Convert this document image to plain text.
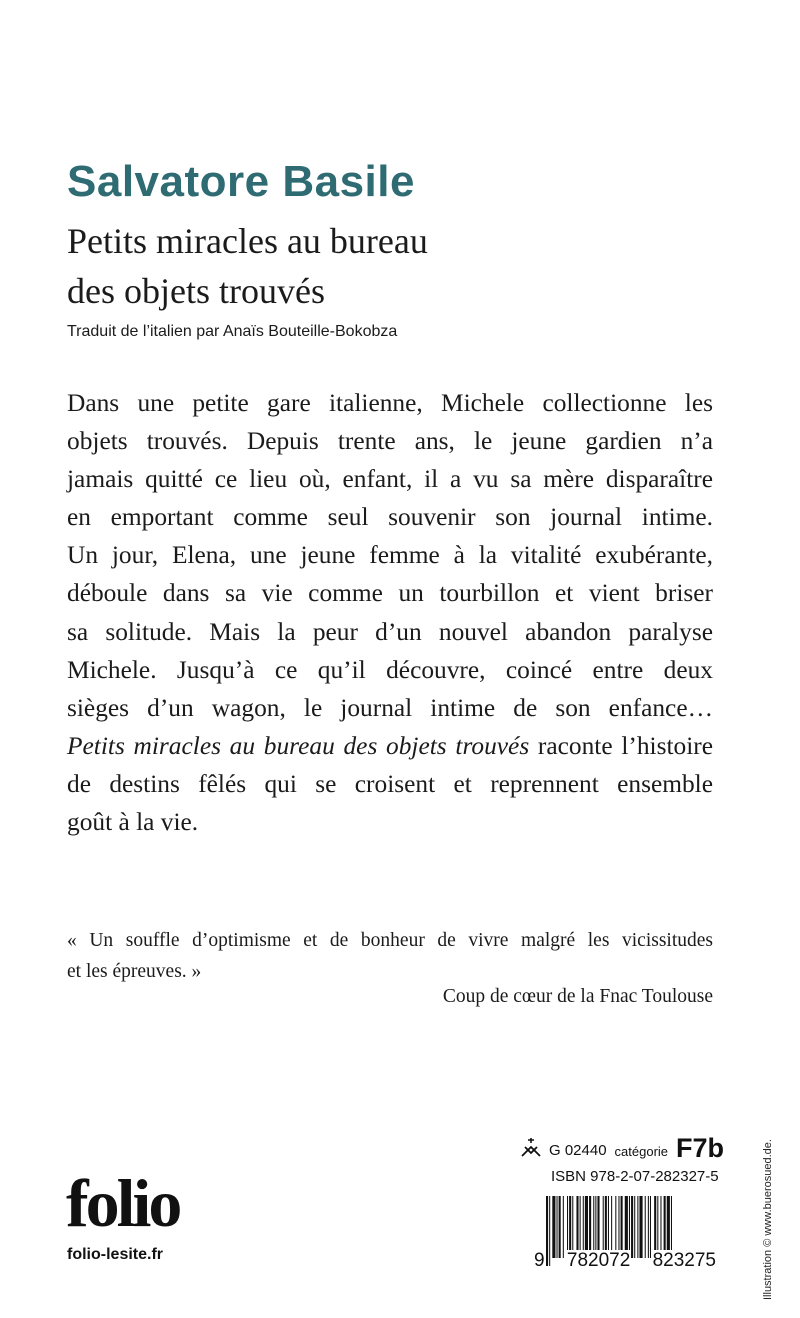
Salvatore Basile
Petits miracles au bureau
des objets trouvés
Traduit de l’italien par Anaïs Bouteille-Bokobza
Dans une petite gare italienne, Michele collectionne les
objets trouvés. Depuis trente ans, le jeune gardien n’a
jamais quitté ce lieu où, enfant, il a vu sa mère disparaître
en emportant comme seul souvenir son journal intime.
Un jour, Elena, une jeune femme à la vitalité exubérante,
déboule dans sa vie comme un tourbillon et vient briser
sa solitude. Mais la peur d’un nouvel abandon paralyse
Michele. Jusqu’à ce qu’il découvre, coincé entre deux
sièges d’un wagon, le journal intime de son enfance…
Petits miracles au bureau des objets trouvés raconte l’histoire
de destins fêlés qui se croisent et reprennent ensemble
goût à la vie.
« Un souffle d’optimisme et de bonheur de vivre malgré les vicissitudes
et les épreuves. »
Coup de cœur de la Fnac Toulouse
folio
folio-lesite.fr
G 02440 catégorie F7b
ISBN 978-2-07-282327-5
9 782072 823275	Illustration © www.buerosued.de.
